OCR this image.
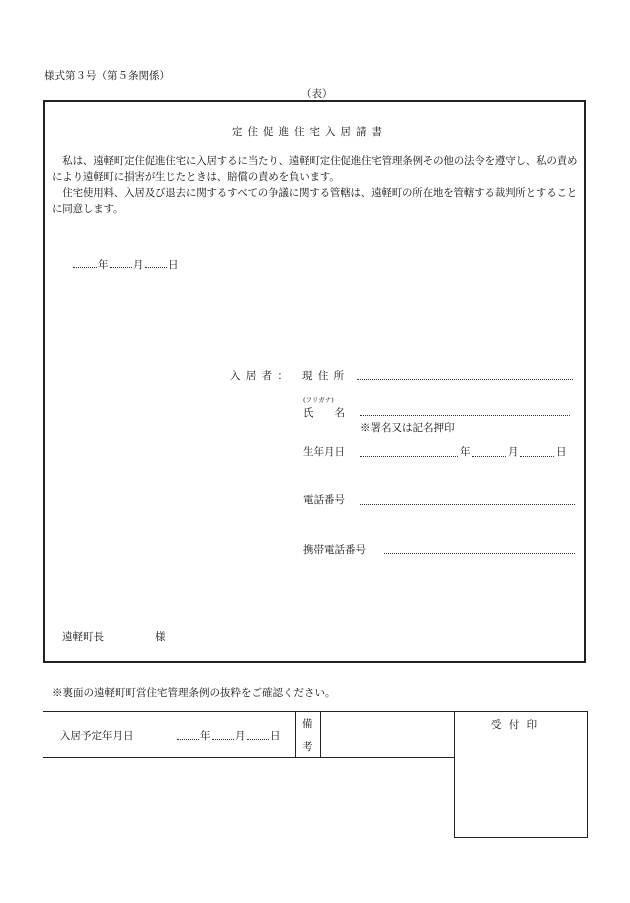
様式第３号（第５条関係）
（表）
定住促進住宅入居請書
　私は、遠軽町定住促進住宅に入居するに当たり、遠軽町定住促進住宅管理条例その他の法令を遵守し、私の責めにより遠軽町に損害が生じたときは、賠償の責めを負います。
　住宅使用料、入居及び退去に関するすべての争議に関する管轄は、遠軽町の所在地を管轄する裁判所とすることに同意します。
年 月 日
入 居 者 ： 現 住 所
(フリガナ)
氏　　名
※署名又は記名押印
生年月日	年	月	日
電話番号
携帯電話番号
遠軽町長	様
※裏面の遠軽町町営住宅管理条例の抜粋をご確認ください。
入居予定年月日	年 月 日
備
考
受 付 印
